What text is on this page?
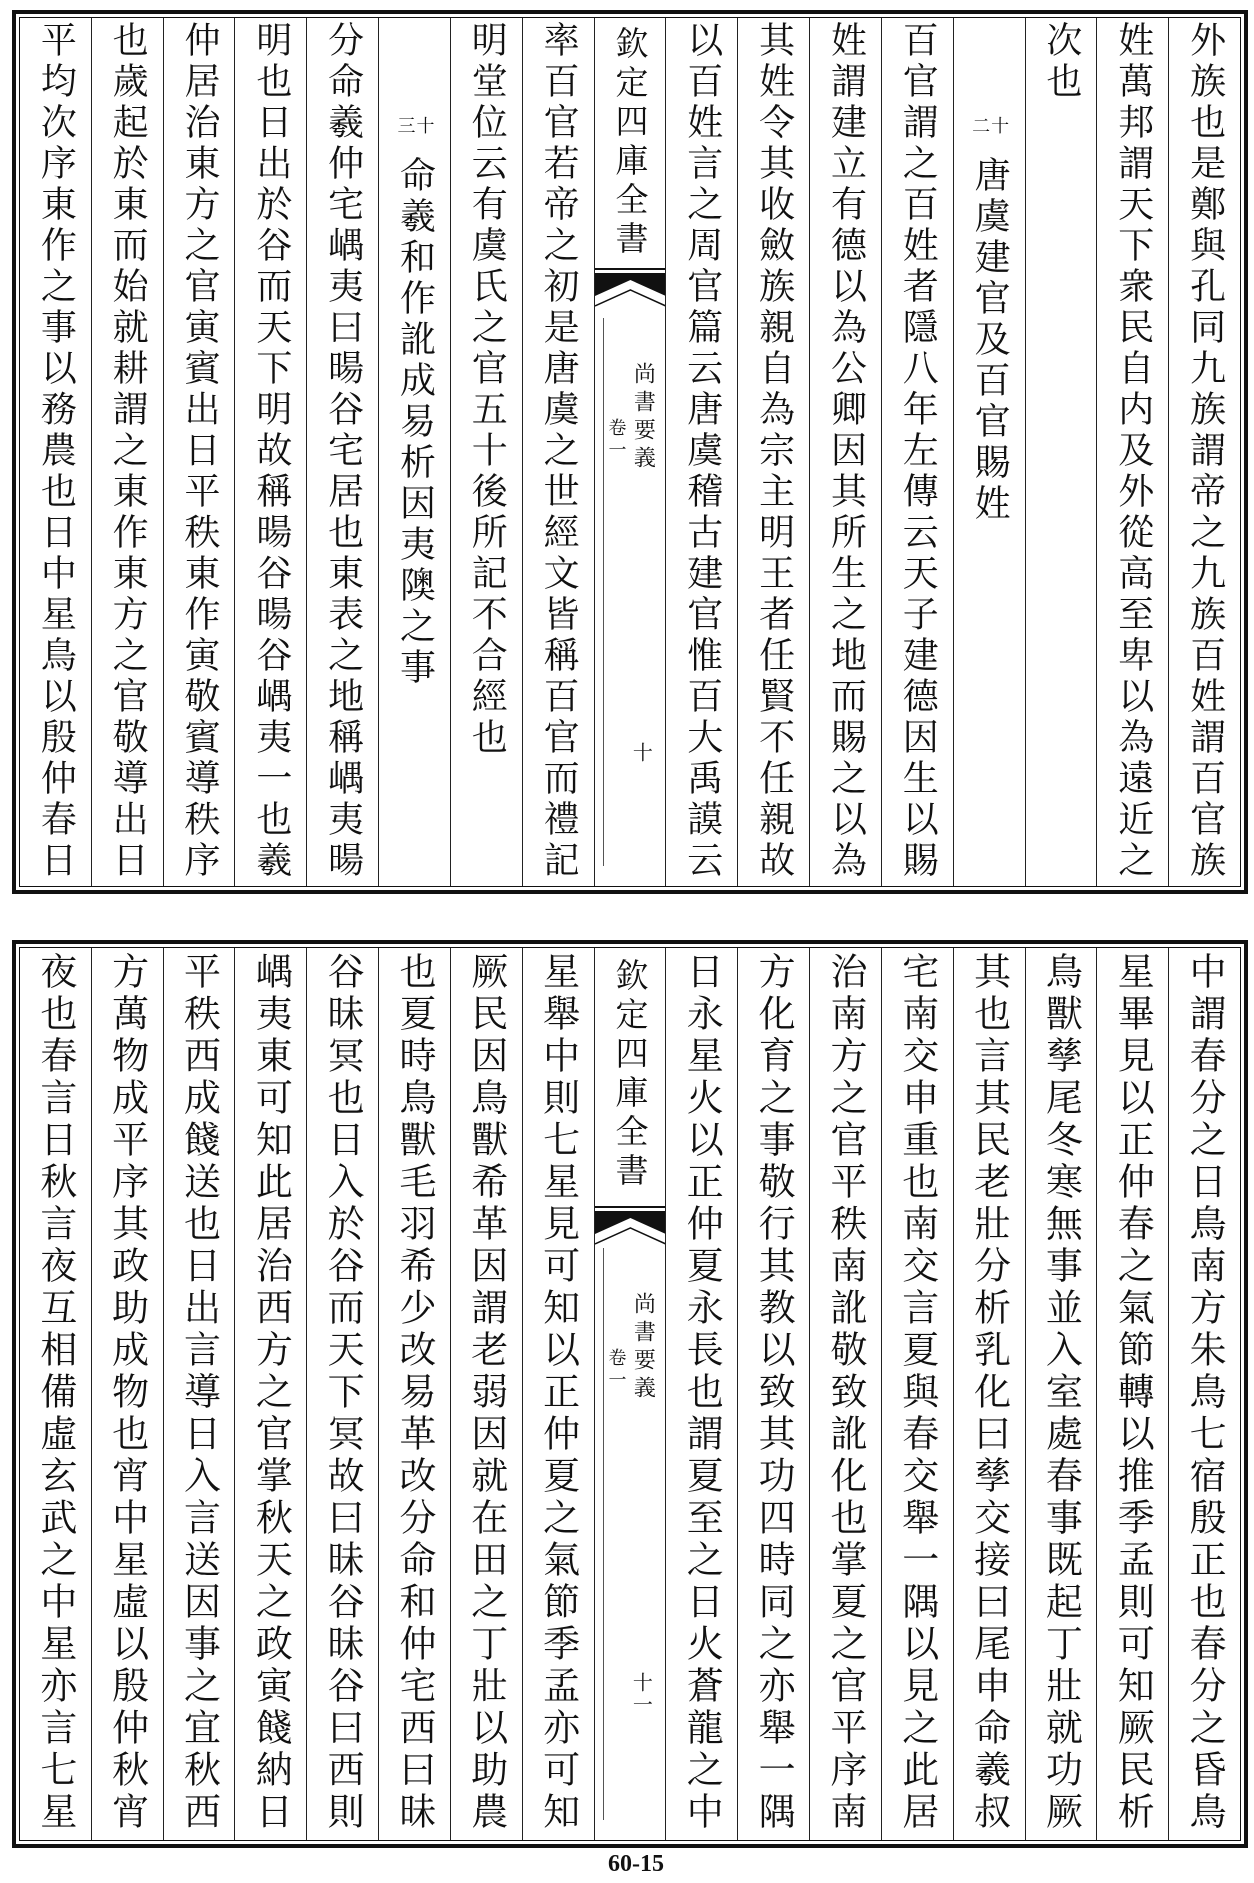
外族也是鄭與孔同九族謂帝之九族百姓謂百官族
姓萬邦謂天下衆民自内及外從高至卑以為遠近之
次也
十二
唐虞建官及百官賜姓
百官謂之百姓者隱八年左傳云天子建德因生以賜
姓謂建立有德以為公卿因其所生之地而賜之以為
其姓令其收斂族親自為宗主明王者任賢不任親故
以百姓言之周官篇云唐虞稽古建官惟百大禹謨云
欽定四庫全書
尚書要義
卷一
十
率百官若帝之初是唐虞之世經文皆稱百官而禮記
明堂位云有虞氏之官五十後所記不合經也
十三
命羲和作訛成易析因夷隩之事
分命羲仲宅嵎夷曰暘谷宅居也東表之地稱嵎夷暘
明也日出於谷而天下明故稱暘谷暘谷嵎夷一也羲
仲居治東方之官寅賓出日平秩東作寅敬賓導秩序
也歲起於東而始就耕謂之東作東方之官敬導出日
平均次序東作之事以務農也日中星鳥以殷仲春日
中謂春分之日鳥南方朱鳥七宿殷正也春分之昏鳥
星畢見以正仲春之氣節轉以推季孟則可知厥民析
鳥獸孳尾冬寒無事並入室處春事既起丁壯就功厥
其也言其民老壯分析乳化曰孳交接曰尾申命羲叔
宅南交申重也南交言夏與春交舉一隅以見之此居
治南方之官平秩南訛敬致訛化也掌夏之官平序南
方化育之事敬行其教以致其功四時同之亦舉一隅
日永星火以正仲夏永長也謂夏至之日火蒼龍之中
欽定四庫全書
尚書要義
卷一
十一
星舉中則七星見可知以正仲夏之氣節季孟亦可知
厥民因鳥獸希革因謂老弱因就在田之丁壯以助農
也夏時鳥獸毛羽希少改易革改分命和仲宅西曰昧
谷昧冥也日入於谷而天下冥故曰昧谷昧谷曰西則
嵎夷東可知此居治西方之官掌秋天之政寅餞納日
平秩西成餞送也日出言導日入言送因事之宜秋西
方萬物成平序其政助成物也宵中星虛以殷仲秋宵
夜也春言日秋言夜互相備虛玄武之中星亦言七星
60-15
